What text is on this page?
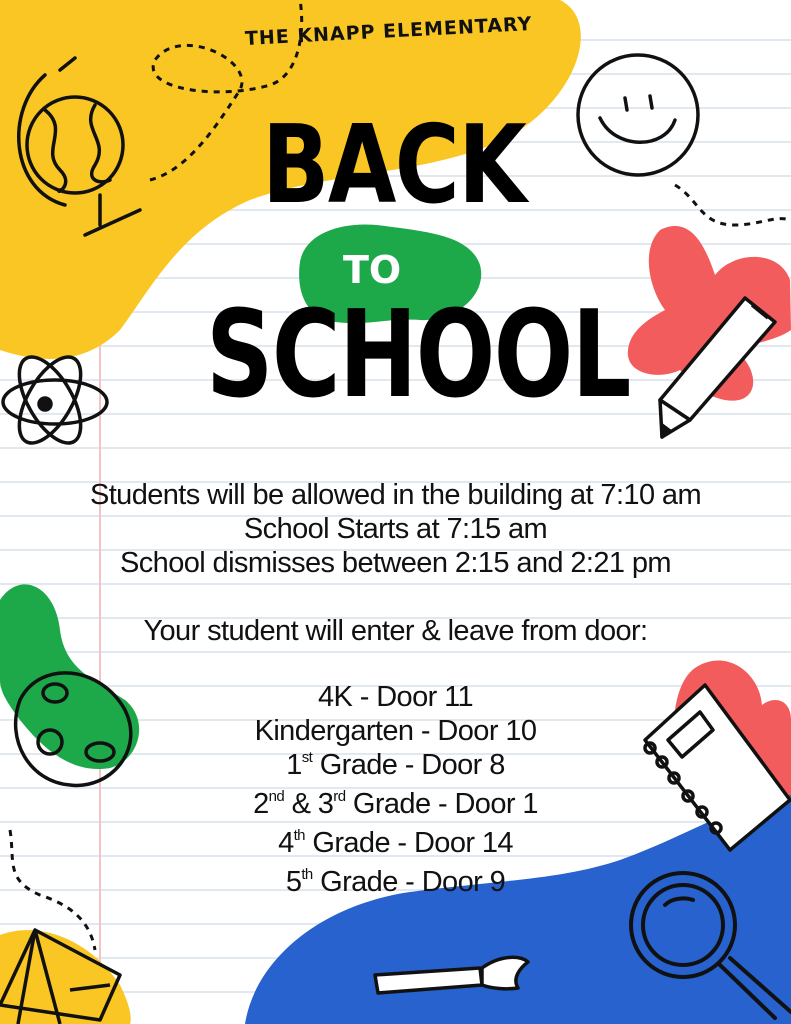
THE KNAPP ELEMENTARY
BACK
TO
SCHOOL
Students will be allowed in the building at 7:10 am
School Starts at 7:15 am
School dismisses between 2:15 and 2:21 pm
Your student will enter & leave from door:
4K - Door 11
Kindergarten - Door 10
1st Grade - Door 8
2nd & 3rd Grade - Door 1
4th Grade - Door 14
5th Grade - Door 9
